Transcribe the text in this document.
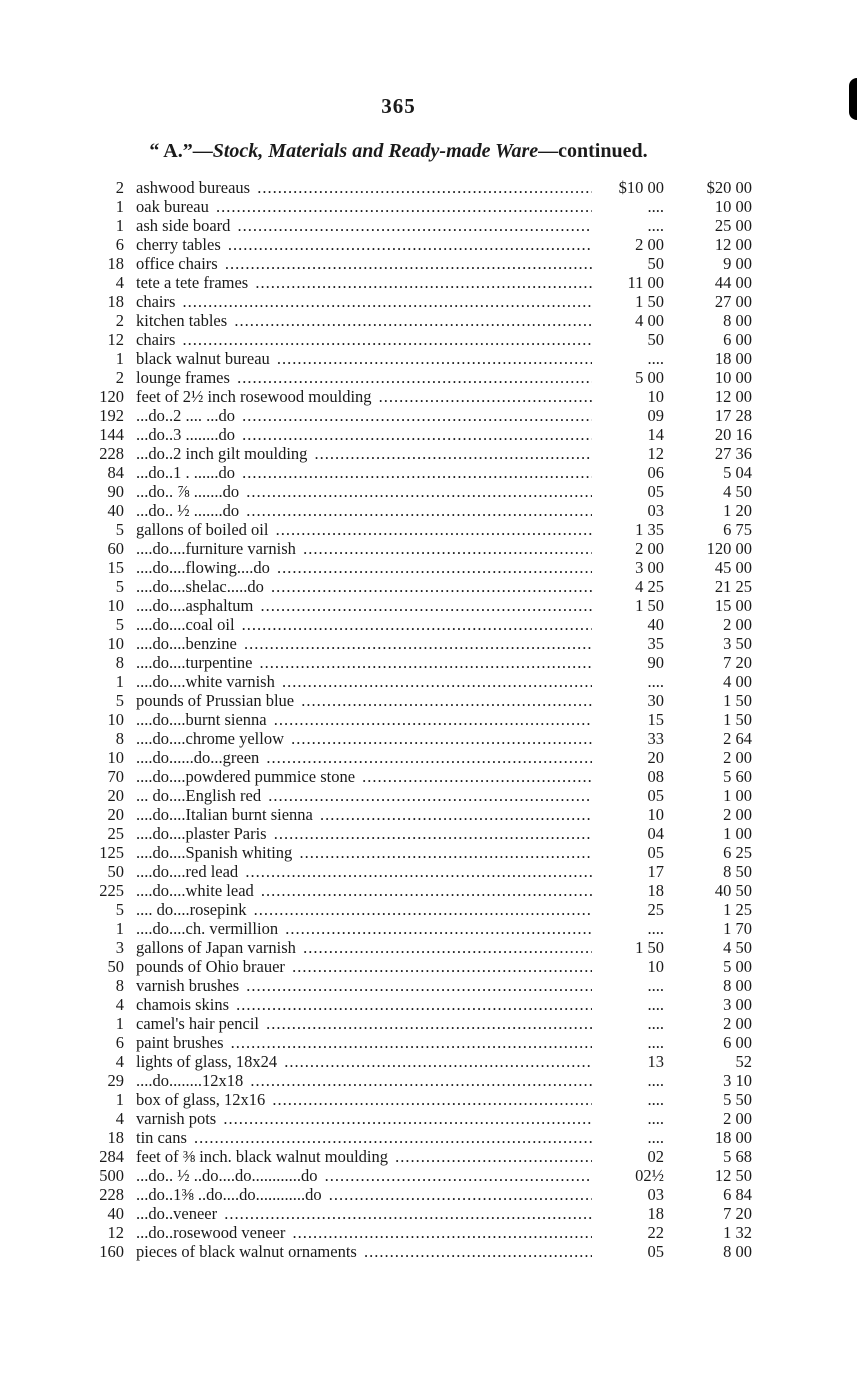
365
“ A.”—Stock, Materials and Ready-made Ware—continued.
2 ashwood bureaus .....	$10 00	$20 00
1 oak bureau .....	....	10 00
1 ash side board .....	....	25 00
6 cherry tables .....	2 00	12 00
18 office chairs .....	50	9 00
4 tete a tete frames .....	11 00	44 00
18 chairs .....	1 50	27 00
2 kitchen tables .....	4 00	8 00
12 chairs .....	50	6 00
1 black walnut bureau .....	....	18 00
2 lounge frames .....	5 00	10 00
120 feet of 2½ inch rosewood moulding .....	10	12 00
192 ...do..2 .... ...do .....	09	17 28
144 ...do..3 ........do .....	14	20 16
228 ...do..2 inch gilt moulding .....	12	27 36
84 ...do..1 . ......do .....	06	5 04
90 ...do.. ⅞ .......do .....	05	4 50
40 ...do.. ½ .......do .....	03	1 20
5 gallons of boiled oil .....	1 35	6 75
60 ....do....furniture varnish .....	2 00	120 00
15 ....do....flowing....do .....	3 00	45 00
5 ....do....shelac.....do .....	4 25	21 25
10 ....do....asphaltum .....	1 50	15 00
5 ....do....coal oil .....	40	2 00
10 ....do....benzine .....	35	3 50
8 ....do....turpentine .....	90	7 20
1 ....do....white varnish .....	....	4 00
5 pounds of Prussian blue .....	30	1 50
10 ....do....burnt sienna .....	15	1 50
8 ....do....chrome yellow .....	33	2 64
10 ....do......do...green .....	20	2 00
70 ....do....powdered pummice stone .....	08	5 60
20 ... do....English red .....	05	1 00
20 ....do....Italian burnt sienna .....	10	2 00
25 ....do....plaster Paris .....	04	1 00
125 ....do....Spanish whiting .....	05	6 25
50 ....do....red lead .....	17	8 50
225 ....do....white lead .....	18	40 50
5 .... do....rosepink .....	25	1 25
1 ....do....ch. vermillion .....	....	1 70
3 gallons of Japan varnish .....	1 50	4 50
50 pounds of Ohio brauer .....	10	5 00
8 varnish brushes .....	....	8 00
4 chamois skins .....	....	3 00
1 camel's hair pencil .....	....	2 00
6 paint brushes .....	....	6 00
4 lights of glass, 18x24 .....	13	52
29 ....do........12x18 .....	....	3 10
1 box of glass, 12x16 .....	....	5 50
4 varnish pots .....	....	2 00
18 tin cans .....	....	18 00
284 feet of ⅜ inch. black walnut moulding .....	02	5 68
500 ...do.. ½ ..do....do............do .....	02½	12 50
228 ...do..1⅜ ..do....do............do .....	03	6 84
40 ...do..veneer .....	18	7 20
12 ...do..rosewood veneer .....	22	1 32
160 pieces of black walnut ornaments .....	05	8 00
